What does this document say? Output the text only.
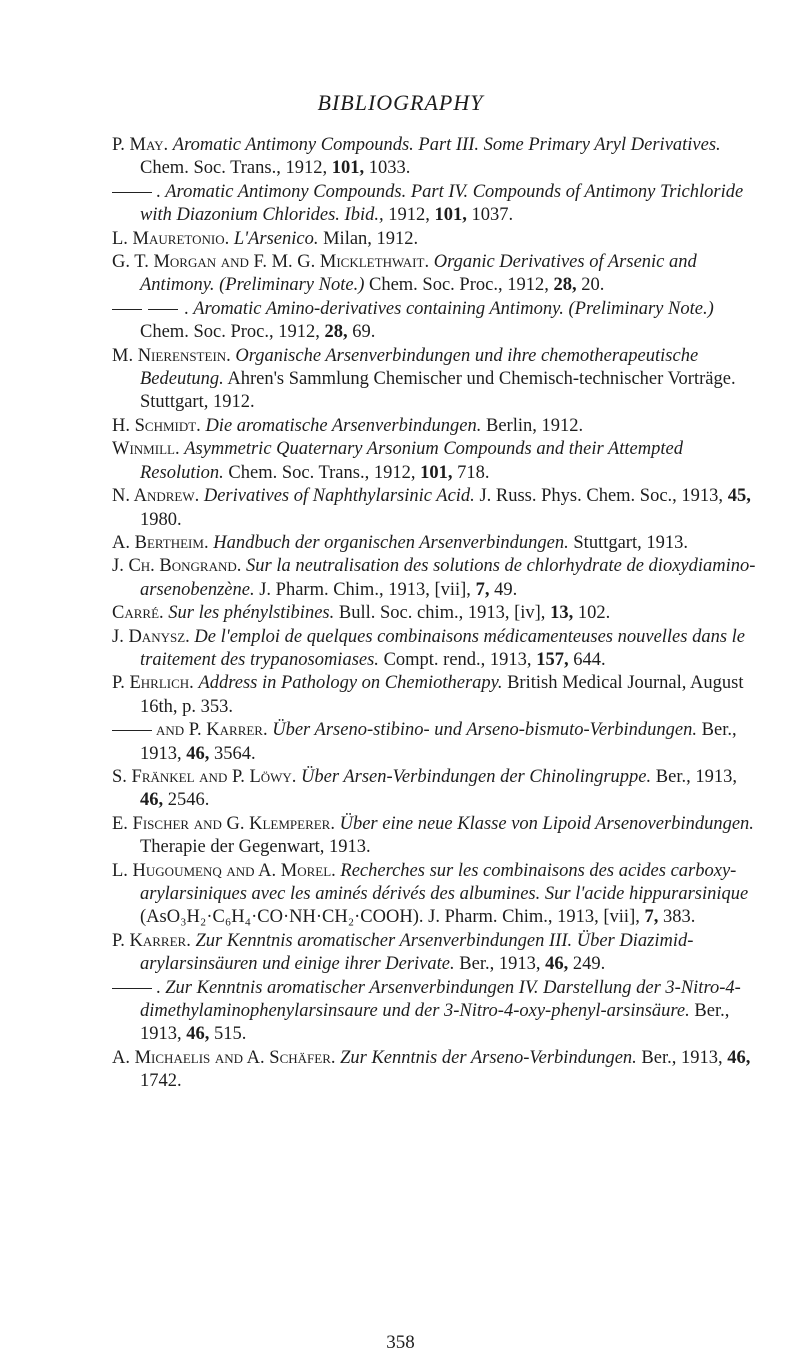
BIBLIOGRAPHY

P. May. Aromatic Antimony Compounds. Part III. Some Primary Aryl Derivatives. Chem. Soc. Trans., 1912, 101, 1033.

. Aromatic Antimony Compounds. Part IV. Compounds of Antimony Trichloride with Diazonium Chlorides. Ibid., 1912, 101, 1037.

L. Mauretonio. L'Arsenico. Milan, 1912.

G. T. Morgan and F. M. G. Micklethwait. Organic Derivatives of Arsenic and Antimony. (Preliminary Note.) Chem. Soc. Proc., 1912, 28, 20.

. Aromatic Amino-derivatives containing Antimony. (Preliminary Note.) Chem. Soc. Proc., 1912, 28, 69.

M. Nierenstein. Organische Arsenverbindungen und ihre chemotherapeutische Bedeutung. Ahren's Sammlung Chemischer und Chemisch-technischer Vorträge. Stuttgart, 1912.

H. Schmidt. Die aromatische Arsenverbindungen. Berlin, 1912.

Winmill. Asymmetric Quaternary Arsonium Compounds and their Attempted Resolution. Chem. Soc. Trans., 1912, 101, 718.

N. Andrew. Derivatives of Naphthylarsinic Acid. J. Russ. Phys. Chem. Soc., 1913, 45, 1980.

A. Bertheim. Handbuch der organischen Arsenverbindungen. Stuttgart, 1913.

J. Ch. Bongrand. Sur la neutralisation des solutions de chlorhydrate de dioxydiamino-arsenobenzène. J. Pharm. Chim., 1913, [vii], 7, 49.

Carré. Sur les phénylstibines. Bull. Soc. chim., 1913, [iv], 13, 102.

J. Danysz. De l'emploi de quelques combinaisons médicamenteuses nouvelles dans le traitement des trypanosomiases. Compt. rend., 1913, 157, 644.

P. Ehrlich. Address in Pathology on Chemiotherapy. British Medical Journal, August 16th, p. 353.

and P. Karrer. Über Arseno-stibino- und Arseno-bismuto-Verbindungen. Ber., 1913, 46, 3564.

S. Fränkel and P. Löwy. Über Arsen-Verbindungen der Chinolingruppe. Ber., 1913, 46, 2546.

E. Fischer and G. Klemperer. Über eine neue Klasse von Lipoid Arsenoverbindungen. Therapie der Gegenwart, 1913.

L. Hugoumenq and A. Morel. Recherches sur les combinaisons des acides carboxy-arylarsiniques avec les aminés dérivés des albumines. Sur l'acide hippurarsinique (AsO₃H₂·C₆H₄·CO·NH·CH₂·COOH). J. Pharm. Chim., 1913, [vii], 7, 383.

P. Karrer. Zur Kenntnis aromatischer Arsenverbindungen III. Über Diazimid-arylarsinsäuren und einige ihrer Derivate. Ber., 1913, 46, 249.

. Zur Kenntnis aromatischer Arsenverbindungen IV. Darstellung der 3-Nitro-4-dimethylaminophenylarsinsaure und der 3-Nitro-4-oxy-phenyl-arsinsäure. Ber., 1913, 46, 515.

A. Michaelis and A. Schäfer. Zur Kenntnis der Arseno-Verbindungen. Ber., 1913, 46, 1742.

358
